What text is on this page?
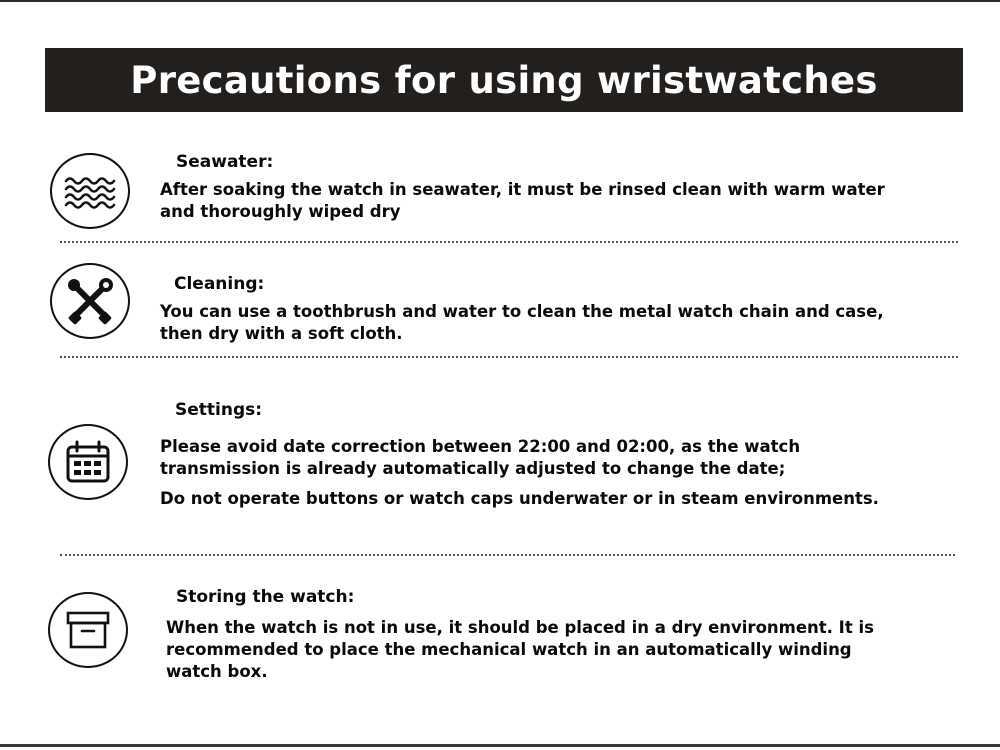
Precautions for using wristwatches
Seawater:
After soaking the watch in seawater, it must be rinsed clean with warm water
and thoroughly wiped dry
Cleaning:
You can use a toothbrush and water to clean the metal watch chain and case,
then dry with a soft cloth.
Settings:
Please avoid date correction between 22:00 and 02:00, as the watch
transmission is already automatically adjusted to change the date;
Do not operate buttons or watch caps underwater or in steam environments.
Storing the watch:
When the watch is not in use, it should be placed in a dry environment. It is
recommended to place the mechanical watch in an automatically winding
watch box.
